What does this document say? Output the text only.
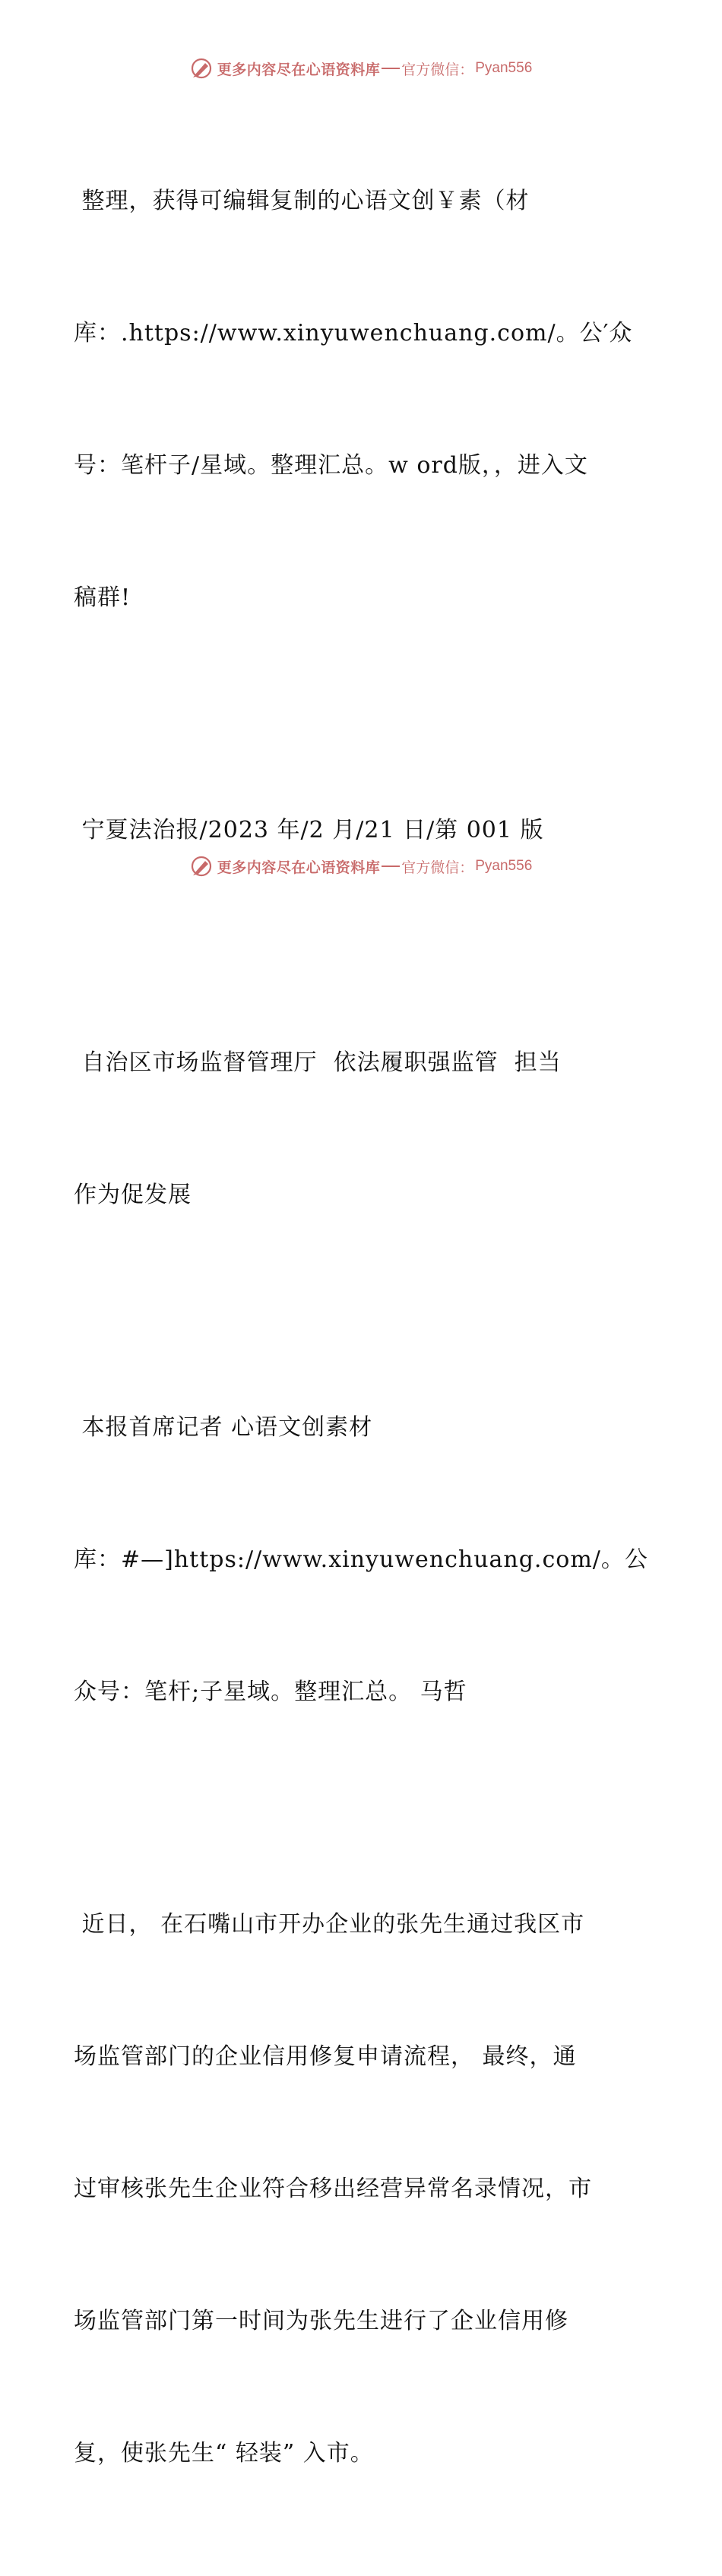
更多内容尽在心语资料库 官方微信： Pyan556

整理，获得可编辑复制的心语文创￥素（材

库：.https://www.xinyuwenchuang.com/。公′众

号：笔杆子/星域。整理汇总。w ord版，，进入文

稿群!

宁夏法治报/2023 年/2 月/21 日/第 001 版

自治区市场监督管理厅  依法履职强监管  担当

作为促发展

本报首席记者 心语文创素材

库：#—]https://www.xinyuwenchuang.com/。公

众号：笔杆;子星域。整理汇总。 马哲

近日， 在石嘴山市开办企业的张先生通过我区市

场监管部门的企业信用修复申请流程， 最终，通

过审核张先生企业符合移出经营异常名录情况，市

场监管部门第一时间为张先生进行了企业信用修

复，使张先生“ 轻装” 入市。

更多内容尽在心语资料库 官方微信： Pyan556
